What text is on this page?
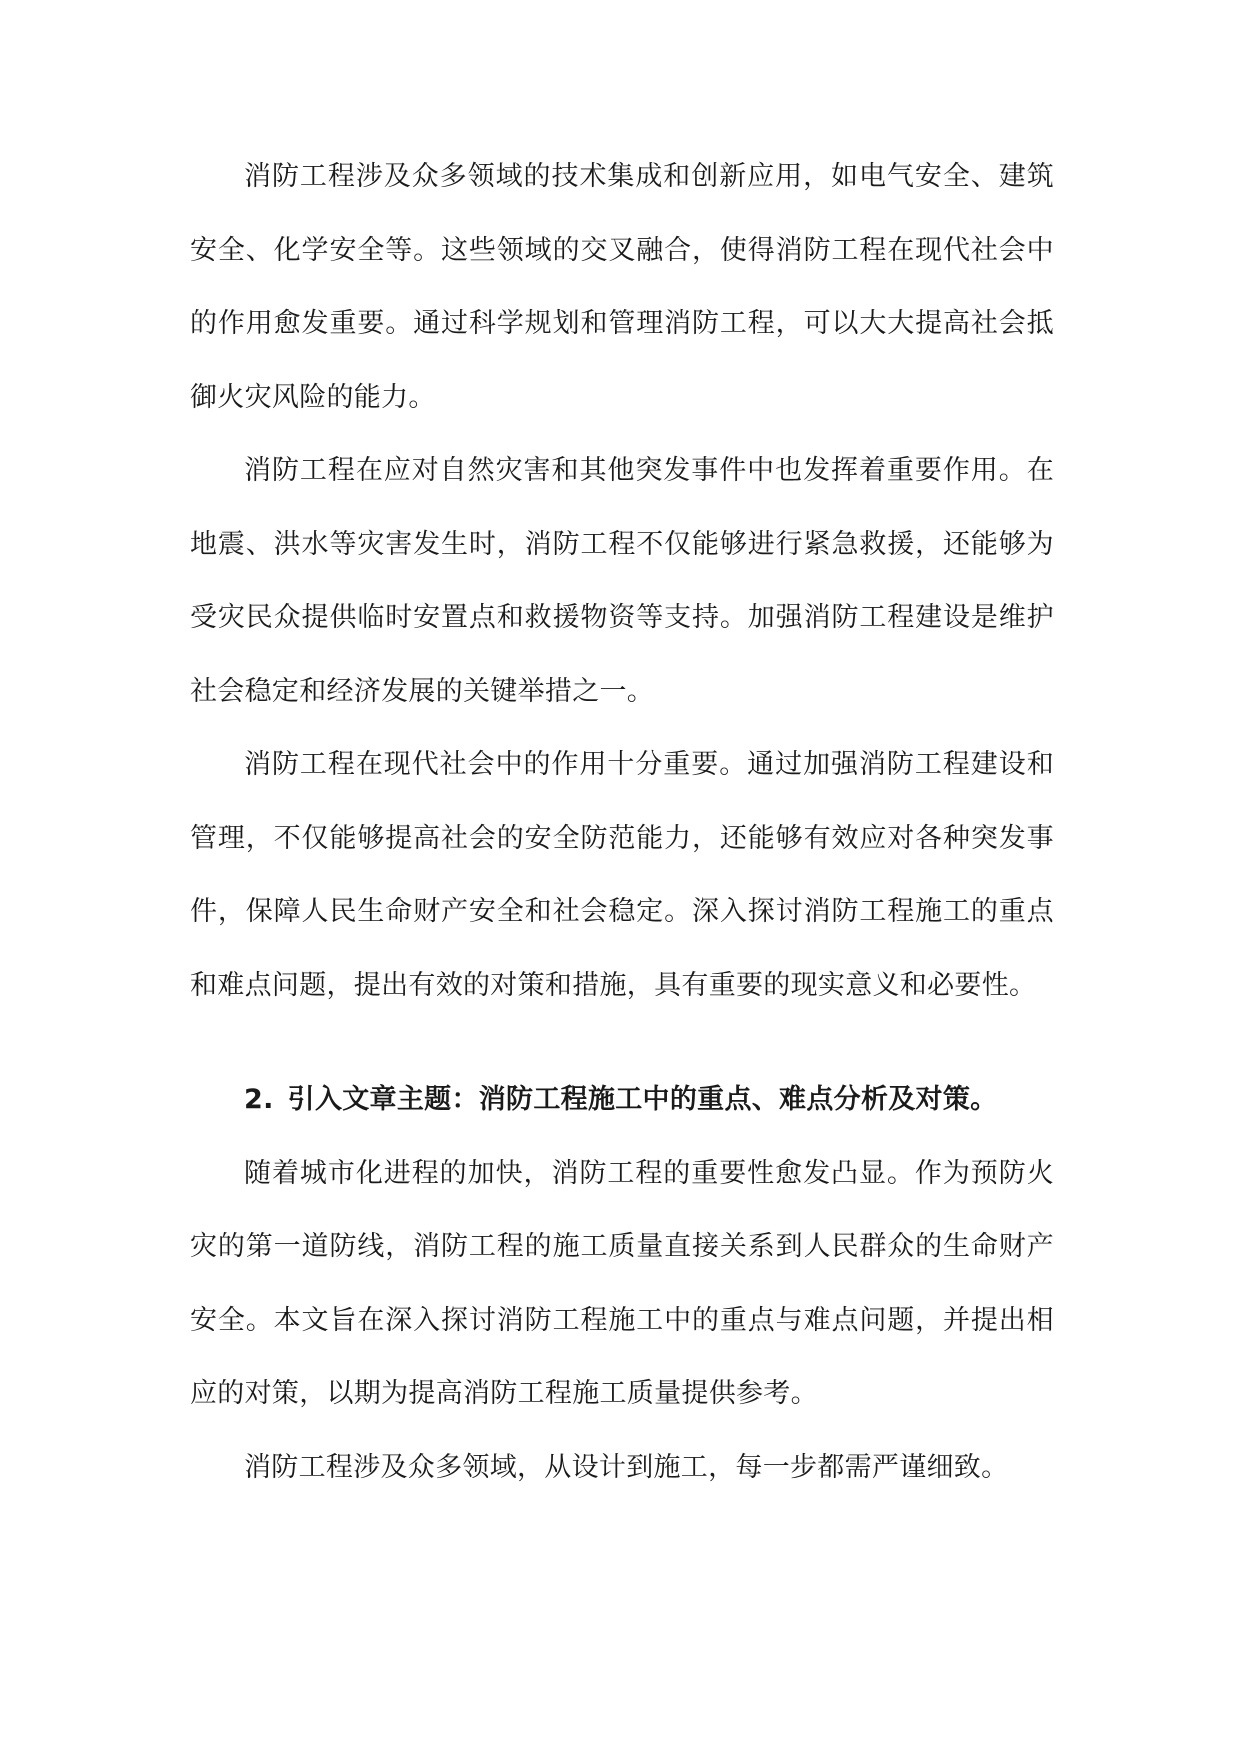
消防工程涉及众多领域的技术集成和创新应用，如电气安全、建筑安全、化学安全等。这些领域的交叉融合，使得消防工程在现代社会中的作用愈发重要。通过科学规划和管理消防工程，可以大大提高社会抵御火灾风险的能力。

消防工程在应对自然灾害和其他突发事件中也发挥着重要作用。在地震、洪水等灾害发生时，消防工程不仅能够进行紧急救援，还能够为受灾民众提供临时安置点和救援物资等支持。加强消防工程建设是维护社会稳定和经济发展的关键举措之一。

消防工程在现代社会中的作用十分重要。通过加强消防工程建设和管理，不仅能够提高社会的安全防范能力，还能够有效应对各种突发事件，保障人民生命财产安全和社会稳定。深入探讨消防工程施工的重点和难点问题，提出有效的对策和措施，具有重要的现实意义和必要性。

2. 引入文章主题：消防工程施工中的重点、难点分析及对策。

随着城市化进程的加快，消防工程的重要性愈发凸显。作为预防火灾的第一道防线，消防工程的施工质量直接关系到人民群众的生命财产安全。本文旨在深入探讨消防工程施工中的重点与难点问题，并提出相应的对策，以期为提高消防工程施工质量提供参考。

消防工程涉及众多领域，从设计到施工，每一步都需严谨细致。
